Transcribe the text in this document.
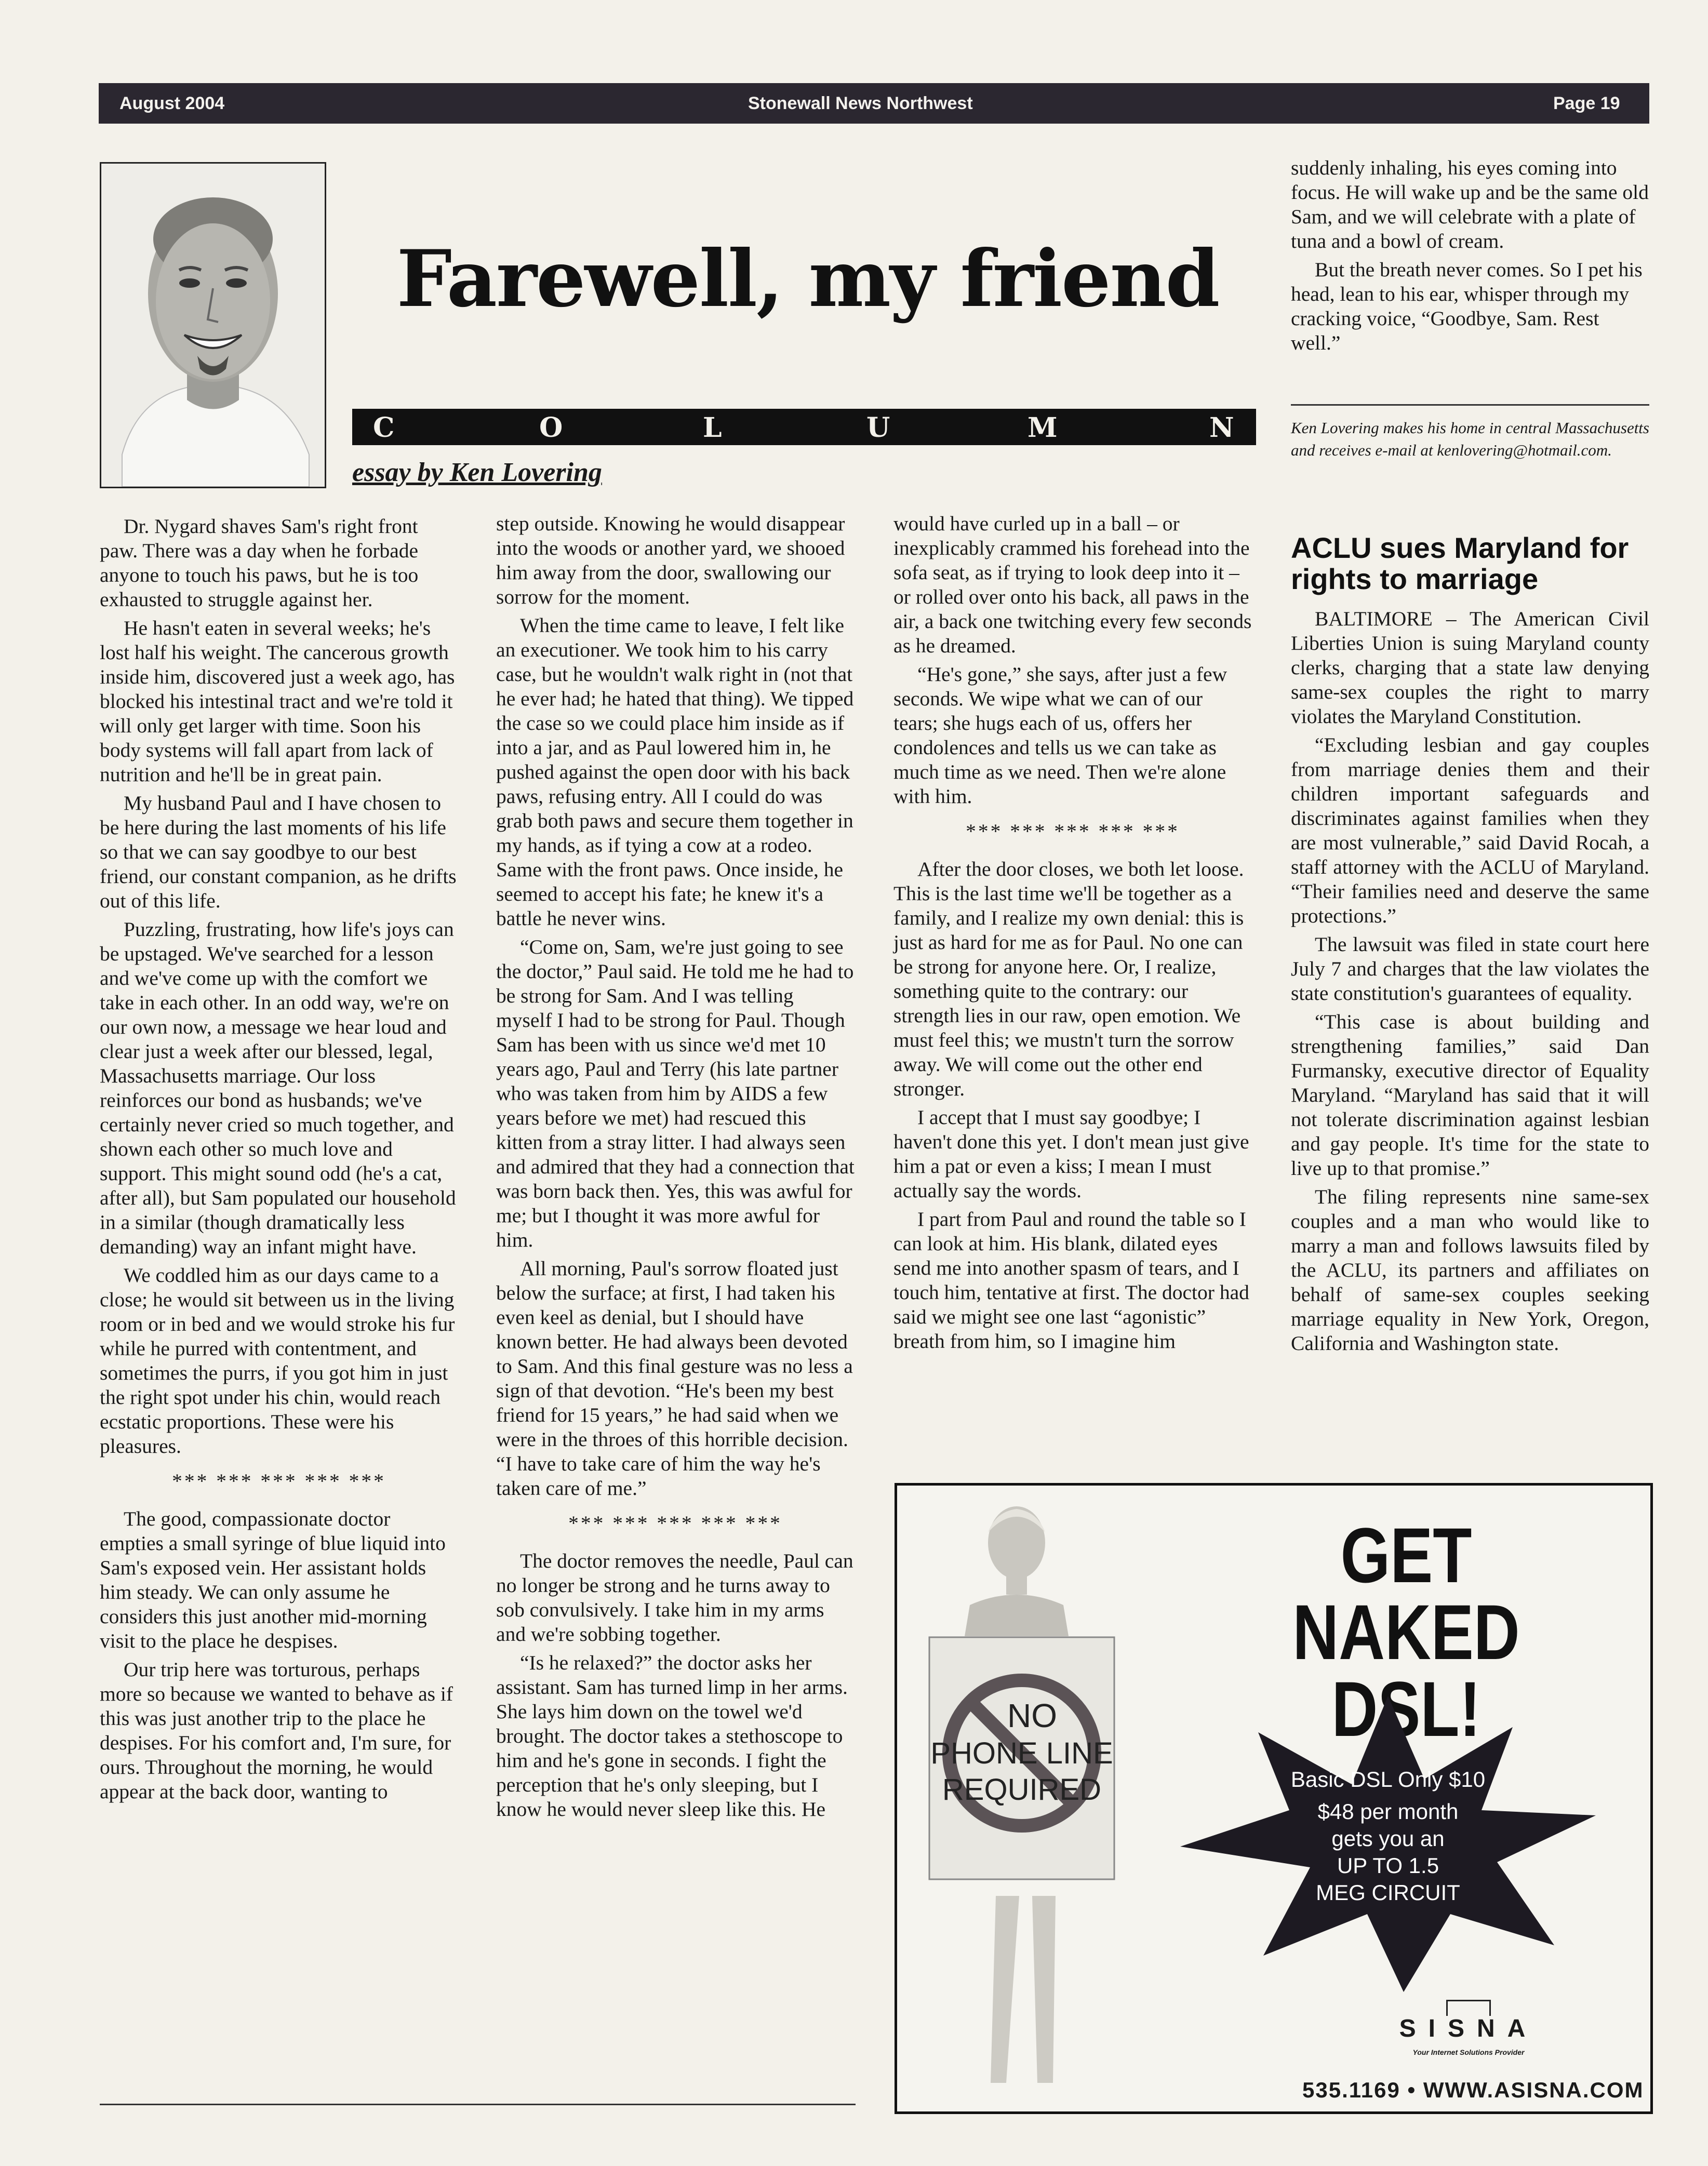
August 2004	Stonewall News Northwest	Page 19
Farewell, my friend
C	O	L	U	M	N
essay by Ken Lovering

Dr. Nygard shaves Sam's right front paw. There was a day when he forbade anyone to touch his paws, but he is too exhausted to struggle against her.

He hasn't eaten in several weeks; he's lost half his weight. The cancerous growth inside him, discovered just a week ago, has blocked his intestinal tract and we're told it will only get larger with time. Soon his body systems will fall apart from lack of nutrition and he'll be in great pain.

My husband Paul and I have chosen to be here during the last moments of his life so that we can say goodbye to our best friend, our constant companion, as he drifts out of this life.

Puzzling, frustrating, how life's joys can be upstaged. We've searched for a lesson and we've come up with the comfort we take in each other. In an odd way, we're on our own now, a message we hear loud and clear just a week after our blessed, legal, Massachusetts marriage. Our loss reinforces our bond as husbands; we've certainly never cried so much together, and shown each other so much love and support. This might sound odd (he's a cat, after all), but Sam populated our household in a similar (though dramatically less demanding) way an infant might have.

We coddled him as our days came to a close; he would sit between us in the living room or in bed and we would stroke his fur while he purred with contentment, and sometimes the purrs, if you got him in just the right spot under his chin, would reach ecstatic proportions. These were his pleasures.

*** *** *** *** ***

The good, compassionate doctor empties a small syringe of blue liquid into Sam's exposed vein. Her assistant holds him steady. We can only assume he considers this just another mid-morning visit to the place he despises.

Our trip here was torturous, perhaps more so because we wanted to behave as if this was just another trip to the place he despises. For his comfort and, I'm sure, for ours. Throughout the morning, he would appear at the back door, wanting to

step outside. Knowing he would disappear into the woods or another yard, we shooed him away from the door, swallowing our sorrow for the moment.

When the time came to leave, I felt like an executioner. We took him to his carry case, but he wouldn't walk right in (not that he ever had; he hated that thing). We tipped the case so we could place him inside as if into a jar, and as Paul lowered him in, he pushed against the open door with his back paws, refusing entry. All I could do was grab both paws and secure them together in my hands, as if tying a cow at a rodeo. Same with the front paws. Once inside, he seemed to accept his fate; he knew it's a battle he never wins.

“Come on, Sam, we're just going to see the doctor,” Paul said. He told me he had to be strong for Sam. And I was telling myself I had to be strong for Paul. Though Sam has been with us since we'd met 10 years ago, Paul and Terry (his late partner who was taken from him by AIDS a few years before we met) had rescued this kitten from a stray litter. I had always seen and admired that they had a connection that was born back then. Yes, this was awful for me; but I thought it was more awful for him.

All morning, Paul's sorrow floated just below the surface; at first, I had taken his even keel as denial, but I should have known better. He had always been devoted to Sam. And this final gesture was no less a sign of that devotion. “He's been my best friend for 15 years,” he had said when we were in the throes of this horrible decision. “I have to take care of him the way he's taken care of me.”

*** *** *** *** ***

The doctor removes the needle, Paul can no longer be strong and he turns away to sob convulsively. I take him in my arms and we're sobbing together.

“Is he relaxed?” the doctor asks her assistant. Sam has turned limp in her arms. She lays him down on the towel we'd brought. The doctor takes a stethoscope to him and he's gone in seconds. I fight the perception that he's only sleeping, but I know he would never sleep like this. He

would have curled up in a ball – or inexplicably crammed his forehead into the sofa seat, as if trying to look deep into it – or rolled over onto his back, all paws in the air, a back one twitching every few seconds as he dreamed.

“He's gone,” she says, after just a few seconds. We wipe what we can of our tears; she hugs each of us, offers her condolences and tells us we can take as much time as we need. Then we're alone with him.

*** *** *** *** ***

After the door closes, we both let loose. This is the last time we'll be together as a family, and I realize my own denial: this is just as hard for me as for Paul. No one can be strong for anyone here. Or, I realize, something quite to the contrary: our strength lies in our raw, open emotion. We must feel this; we mustn't turn the sorrow away. We will come out the other end stronger.

I accept that I must say goodbye; I haven't done this yet. I don't mean just give him a pat or even a kiss; I mean I must actually say the words.

I part from Paul and round the table so I can look at him. His blank, dilated eyes send me into another spasm of tears, and I touch him, tentative at first. The doctor had said we might see one last “agonistic” breath from him, so I imagine him

suddenly inhaling, his eyes coming into focus. He will wake up and be the same old Sam, and we will celebrate with a plate of tuna and a bowl of cream.

But the breath never comes. So I pet his head, lean to his ear, whisper through my cracking voice, “Goodbye, Sam. Rest well.”

Ken Lovering makes his home in central Massachusetts and receives e-mail at kenlovering@hotmail.com.
ACLU sues Maryland for rights to marriage

BALTIMORE – The American Civil Liberties Union is suing Maryland county clerks, charging that a state law denying same-sex couples the right to marry violates the Maryland Constitution.

“Excluding lesbian and gay couples from marriage denies them and their children important safeguards and discriminates against families when they are most vulnerable,” said David Rocah, a staff attorney with the ACLU of Maryland. “Their families need and deserve the same protections.”

The lawsuit was filed in state court here July 7 and charges that the law violates the state constitution's guarantees of equality.

“This case is about building and strengthening families,” said Dan Furmansky, executive director of Equality Maryland. “Maryland has said that it will not tolerate discrimination against lesbian and gay people. It's time for the state to live up to that promise.”

The filing represents nine same-sex couples and a man who would like to marry a man and follows lawsuits filed by the ACLU, its partners and affiliates on behalf of same-sex couples seeking marriage equality in New York, Oregon, California and Washington state.

NO
PHONE LINE
REQUIRED
GET
NAKED DSL!
Basic DSL Only $10
$48 per month
gets you an
UP TO 1.5
MEG CIRCUIT
SISNA
Your Internet Solutions Provider
535.1169 • WWW.ASISNA.COM
